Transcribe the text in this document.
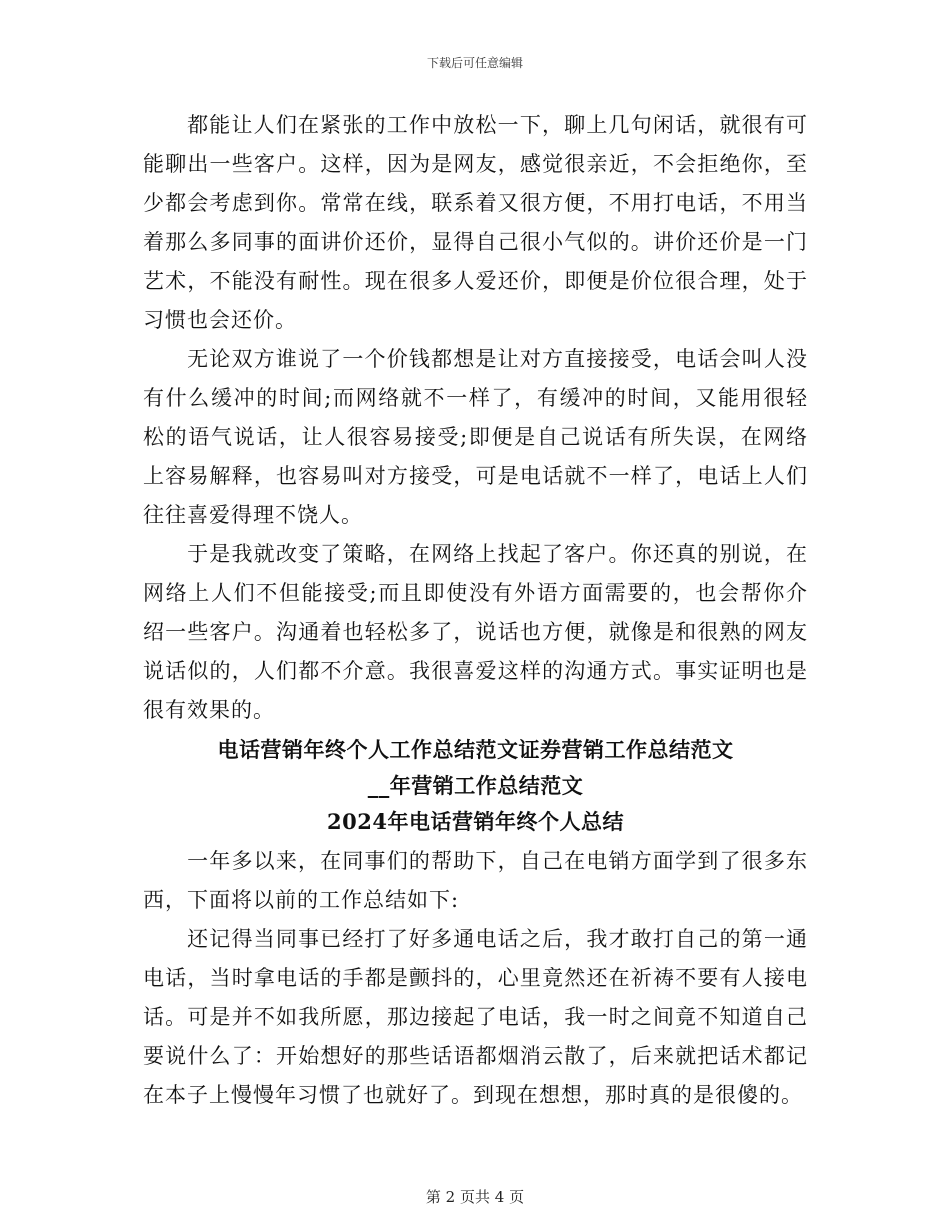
下载后可任意编辑

都能让人们在紧张的工作中放松一下，聊上几句闲话，就很有可能聊出一些客户。这样，因为是网友，感觉很亲近，不会拒绝你，至少都会考虑到你。常常在线，联系着又很方便，不用打电话，不用当着那么多同事的面讲价还价，显得自己很小气似的。讲价还价是一门艺术，不能没有耐性。现在很多人爱还价，即便是价位很合理，处于习惯也会还价。

无论双方谁说了一个价钱都想是让对方直接接受，电话会叫人没有什么缓冲的时间;而网络就不一样了，有缓冲的时间，又能用很轻松的语气说话，让人很容易接受;即便是自己说话有所失误，在网络上容易解释，也容易叫对方接受，可是电话就不一样了，电话上人们往往喜爱得理不饶人。

于是我就改变了策略，在网络上找起了客户。你还真的别说，在网络上人们不但能接受;而且即使没有外语方面需要的，也会帮你介绍一些客户。沟通着也轻松多了，说话也方便，就像是和很熟的网友说话似的，人们都不介意。我很喜爱这样的沟通方式。事实证明也是很有效果的。

电话营销年终个人工作总结范文证券营销工作总结范文
__年营销工作总结范文
2024年电话营销年终个人总结

一年多以来，在同事们的帮助下，自己在电销方面学到了很多东西，下面将以前的工作总结如下:

还记得当同事已经打了好多通电话之后，我才敢打自己的第一通电话，当时拿电话的手都是颤抖的，心里竟然还在祈祷不要有人接电话。可是并不如我所愿，那边接起了电话，我一时之间竟不知道自己要说什么了：开始想好的那些话语都烟消云散了，后来就把话术都记在本子上慢慢年习惯了也就好了。到现在想想，那时真的是很傻的。

第 2 页共 4 页
